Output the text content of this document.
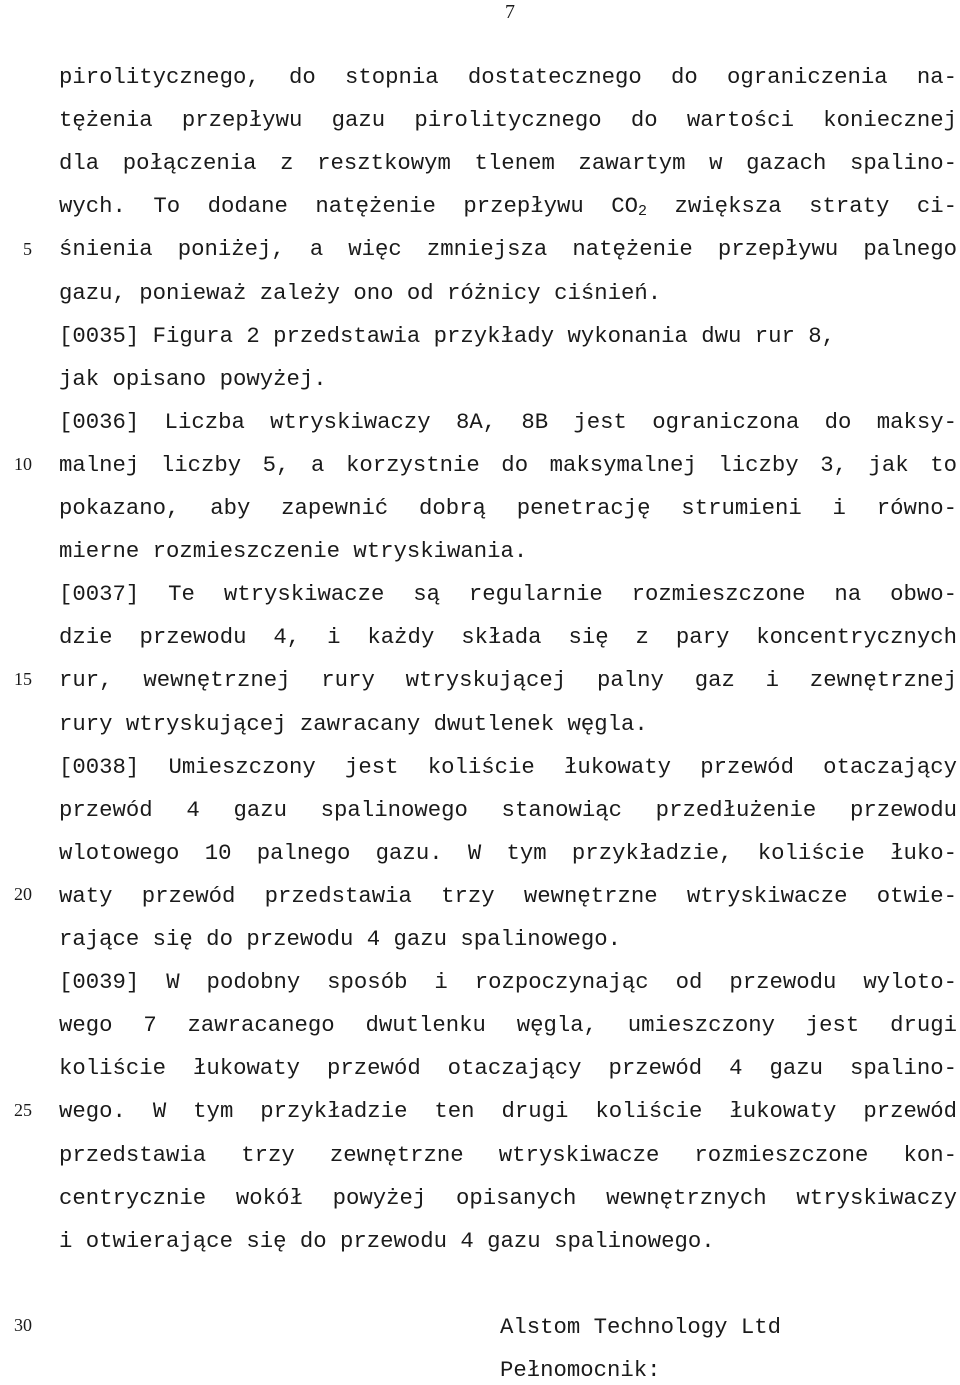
7
pirolitycznego, do stopnia dostatecznego do ograniczenia na-
tężenia przepływu gazu pirolitycznego do wartości koniecznej
dla połączenia z resztkowym tlenem zawartym w gazach spalino-
wych. To dodane natężenie przepływu $CO_2$ zwiększa straty ci-
śnienia poniżej, a więc zmniejsza natężenie przepływu palnego
gazu, ponieważ zależy ono od różnicy ciśnień.
[0035] Figura 2 przedstawia przykłady wykonania dwu rur 8,
jak opisano powyżej.
[0036] Liczba wtryskiwaczy 8A, 8B jest ograniczona do maksy-
malnej liczby 5, a korzystnie do maksymalnej liczby 3, jak to
pokazano, aby zapewnić dobrą penetrację strumieni i równo-
mierne rozmieszczenie wtryskiwania.
[0037] Te wtryskiwacze są regularnie rozmieszczone na obwo-
dzie przewodu 4, i każdy składa się z pary koncentrycznych
rur, wewnętrznej rury wtryskującej palny gaz i zewnętrznej
rury wtryskującej zawracany dwutlenek węgla.
[0038] Umieszczony jest koliście łukowaty przewód otaczający
przewód 4 gazu spalinowego stanowiąc przedłużenie przewodu
wlotowego 10 palnego gazu. W tym przykładzie, koliście łuko-
waty przewód przedstawia trzy wewnętrzne wtryskiwacze otwie-
rające się do przewodu 4 gazu spalinowego.
[0039] W podobny sposób i rozpoczynając od przewodu wyloto-
wego 7 zawracanego dwutlenku węgla, umieszczony jest drugi
koliście łukowaty przewód otaczający przewód 4 gazu spalino-
wego. W tym przykładzie ten drugi koliście łukowaty przewód
przedstawia trzy zewnętrzne wtryskiwacze rozmieszczone kon-
centrycznie wokół powyżej opisanych wewnętrznych wtryskiwaczy
i otwierające się do przewodu 4 gazu spalinowego.
5
10
15
20
25
30	Alstom Technology Ltd
Pełnomocnik:
